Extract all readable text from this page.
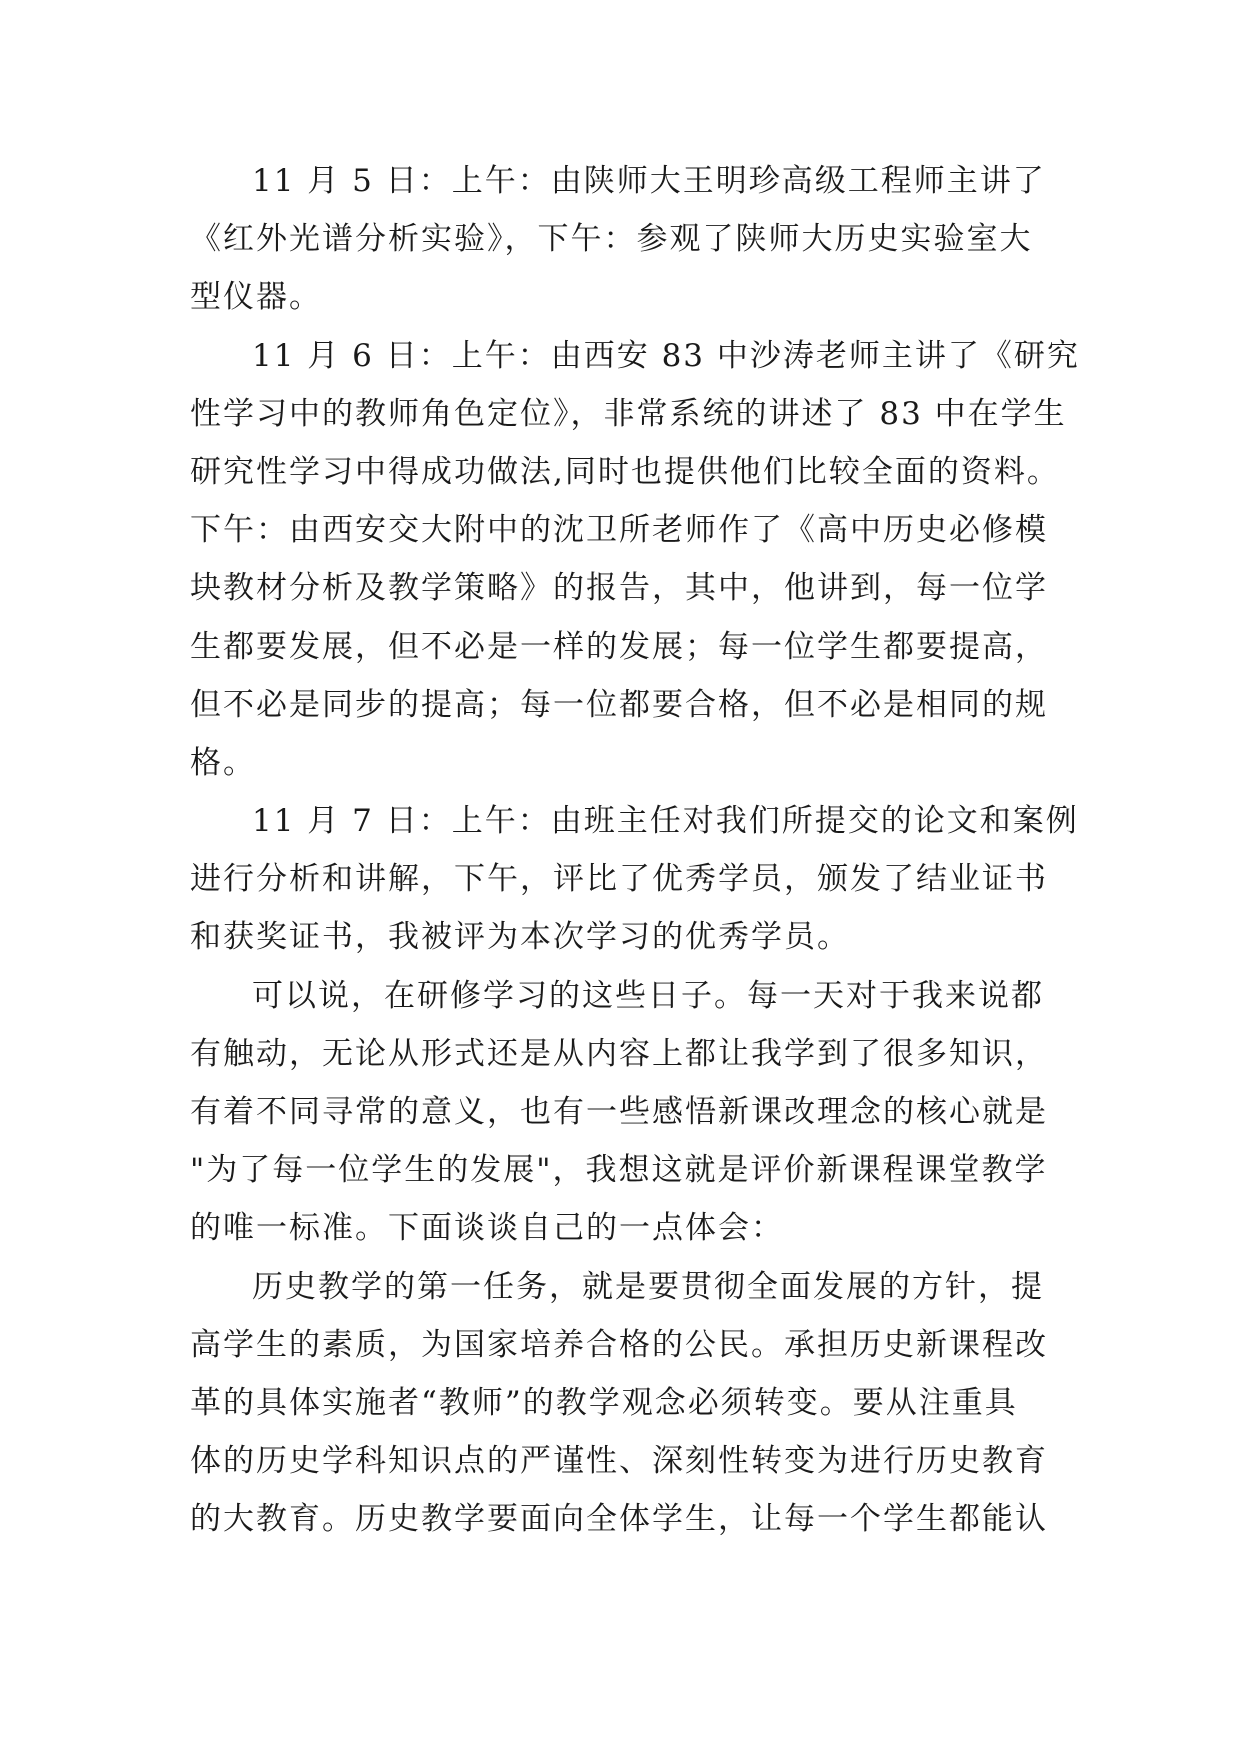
11 月 5 日：上午：由陕师大王明珍高级工程师主讲了
《红外光谱分析实验》，下午：参观了陕师大历史实验室大
型仪器。
11 月 6 日：上午：由西安 83 中沙涛老师主讲了《研究
性学习中的教师角色定位》，非常系统的讲述了 83 中在学生
研究性学习中得成功做法,同时也提供他们比较全面的资料。
下午：由西安交大附中的沈卫所老师作了《高中历史必修模
块教材分析及教学策略》的报告，其中，他讲到，每一位学
生都要发展，但不必是一样的发展；每一位学生都要提高，
但不必是同步的提高；每一位都要合格，但不必是相同的规
格。
11 月 7 日：上午：由班主任对我们所提交的论文和案例
进行分析和讲解，下午，评比了优秀学员，颁发了结业证书
和获奖证书，我被评为本次学习的优秀学员。
可以说，在研修学习的这些日子。每一天对于我来说都
有触动，无论从形式还是从内容上都让我学到了很多知识，
有着不同寻常的意义，也有一些感悟新课改理念的核心就是
"为了每一位学生的发展"，我想这就是评价新课程课堂教学
的唯一标准。下面谈谈自己的一点体会：
历史教学的第一任务，就是要贯彻全面发展的方针，提
高学生的素质，为国家培养合格的公民。承担历史新课程改
革的具体实施者“教师”的教学观念必须转变。要从注重具
体的历史学科知识点的严谨性、深刻性转变为进行历史教育
的大教育。历史教学要面向全体学生，让每一个学生都能认
